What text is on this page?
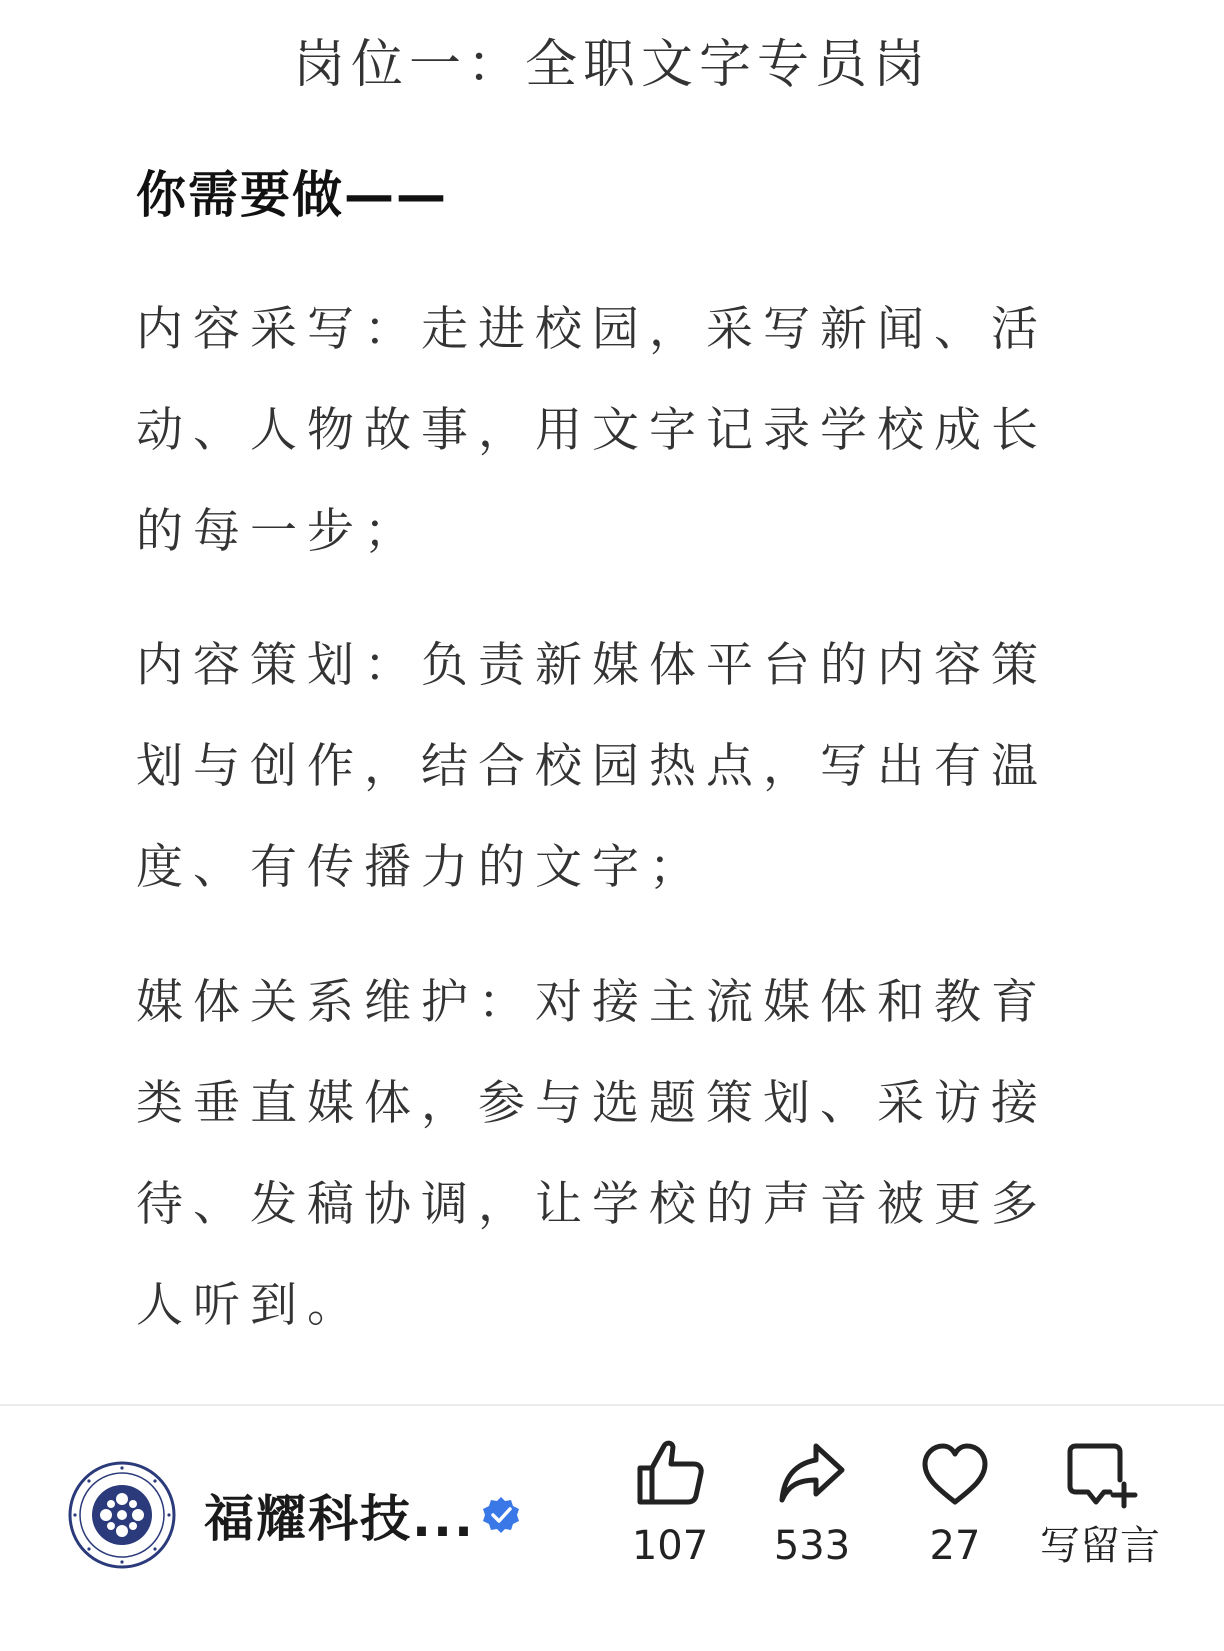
岗位一：全职文字专员岗
你需要做——

内容采写：走进校园，采写新闻、活动、人物故事，用文字记录学校成长的每一步；

内容策划：负责新媒体平台的内容策划与创作，结合校园热点，写出有温度、有传播力的文字；

媒体关系维护：对接主流媒体和教育类垂直媒体，参与选题策划、采访接待、发稿协调，让学校的声音被更多人听到。

福耀科技...	107	533	27	写留言
